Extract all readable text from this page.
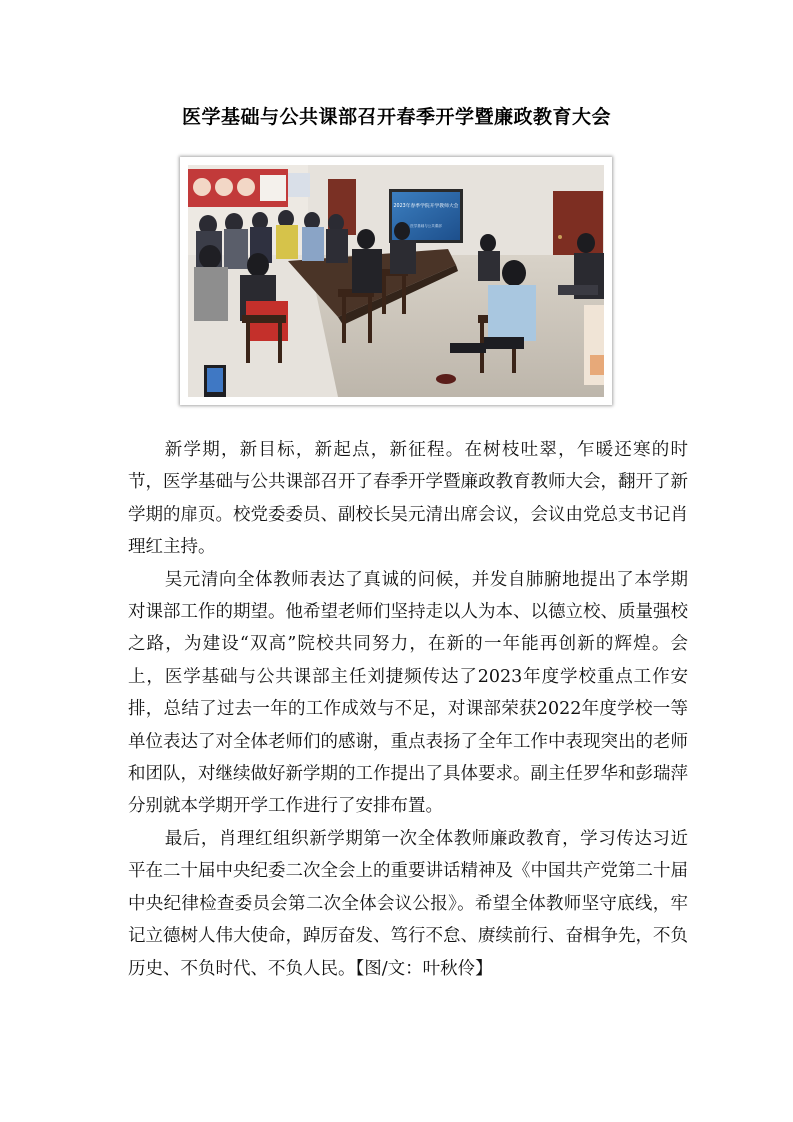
医学基础与公共课部召开春季开学暨廉政教育大会
2023年春季学院开学教师大会
医学基础与公共课部

新学期，新目标，新起点，新征程。在树枝吐翠，乍暖还寒的时节，医学基础与公共课部召开了春季开学暨廉政教育教师大会，翻开了新学期的扉页。校党委委员、副校长吴元清出席会议，会议由党总支书记肖理红主持。

吴元清向全体教师表达了真诚的问候，并发自肺腑地提出了本学期对课部工作的期望。他希望老师们坚持走以人为本、以德立校、质量强校之路，为建设“双高”院校共同努力，在新的一年能再创新的辉煌。会上，医学基础与公共课部主任刘捷频传达了2023年度学校重点工作安排，总结了过去一年的工作成效与不足，对课部荣获2022年度学校一等单位表达了对全体老师们的感谢，重点表扬了全年工作中表现突出的老师和团队，对继续做好新学期的工作提出了具体要求。副主任罗华和彭瑞萍分别就本学期开学工作进行了安排布置。

最后，肖理红组织新学期第一次全体教师廉政教育，学习传达习近平在二十届中央纪委二次全会上的重要讲话精神及《中国共产党第二十届中央纪律检查委员会第二次全体会议公报》。希望全体教师坚守底线，牢记立德树人伟大使命，踔厉奋发、笃行不怠、赓续前行、奋楫争先，不负历史、不负时代、不负人民。【图/文：叶秋伶】
